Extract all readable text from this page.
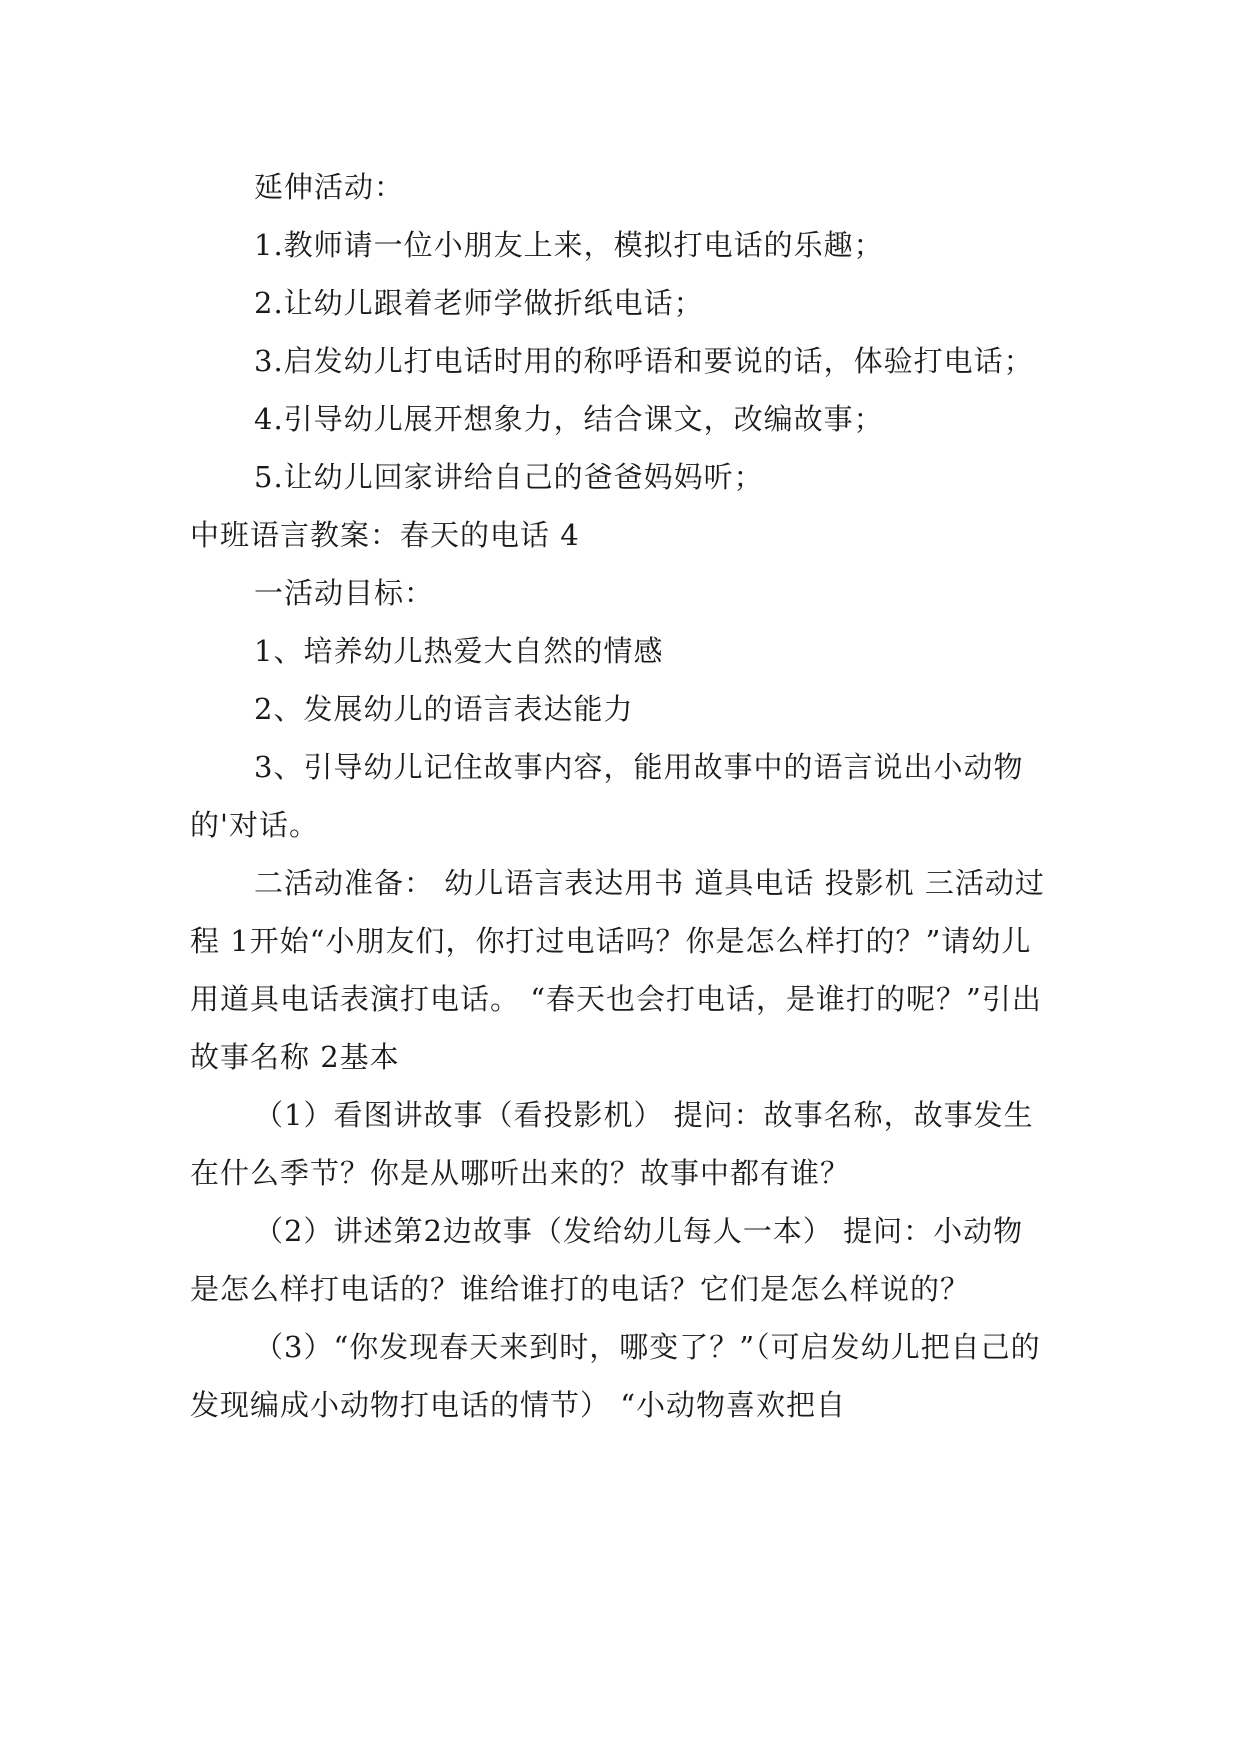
延伸活动：

1.教师请一位小朋友上来，模拟打电话的乐趣；

2.让幼儿跟着老师学做折纸电话；

3.启发幼儿打电话时用的称呼语和要说的话，体验打电话；

4.引导幼儿展开想象力，结合课文，改编故事；

5.让幼儿回家讲给自己的爸爸妈妈听；

中班语言教案：春天的电话 4

一活动目标：

1、培养幼儿热爱大自然的情感

2、发展幼儿的语言表达能力

3、引导幼儿记住故事内容，能用故事中的语言说出小动物的'对话。

二活动准备： 幼儿语言表达用书 道具电话 投影机 三活动过程 1开始“小朋友们，你打过电话吗？你是怎么样打的？”请幼儿用道具电话表演打电话。 “春天也会打电话，是谁打的呢？”引出故事名称 2基本

（1）看图讲故事（看投影机） 提问：故事名称，故事发生在什么季节？你是从哪听出来的？故事中都有谁？

（2）讲述第2边故事（发给幼儿每人一本） 提问：小动物是怎么样打电话的？谁给谁打的电话？它们是怎么样说的？

（3）“你发现春天来到时，哪变了？”（可启发幼儿把自己的发现编成小动物打电话的情节） “小动物喜欢把自
